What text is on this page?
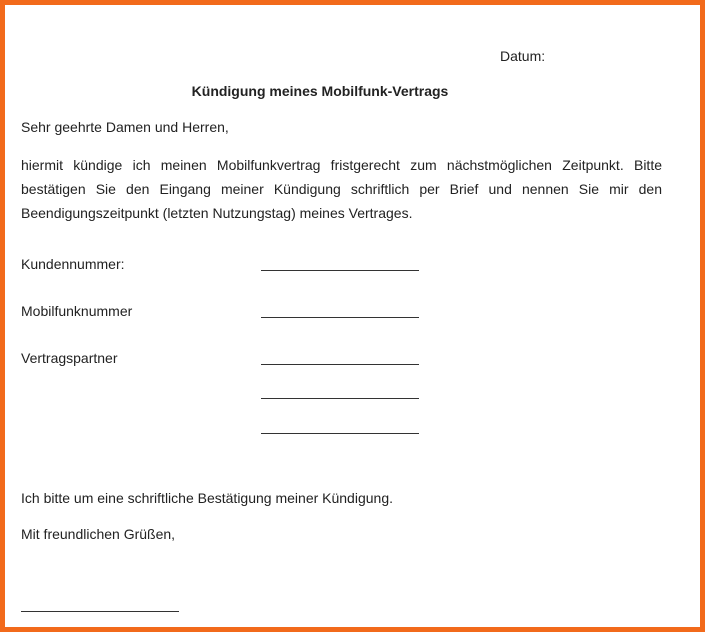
Datum:
Kündigung meines Mobilfunk-Vertrags
Sehr geehrte Damen und Herren,
hiermit kündige ich meinen Mobilfunkvertrag fristgerecht zum nächstmöglichen Zeitpunkt. Bitte bestätigen Sie den Eingang meiner Kündigung schriftlich per Brief und nennen Sie mir den Beendigungszeitpunkt (letzten Nutzungstag) meines Vertrages.
Kundennummer:
Mobilfunknummer
Vertragspartner
Ich bitte um eine schriftliche Bestätigung meiner Kündigung.
Mit freundlichen Grüßen,
